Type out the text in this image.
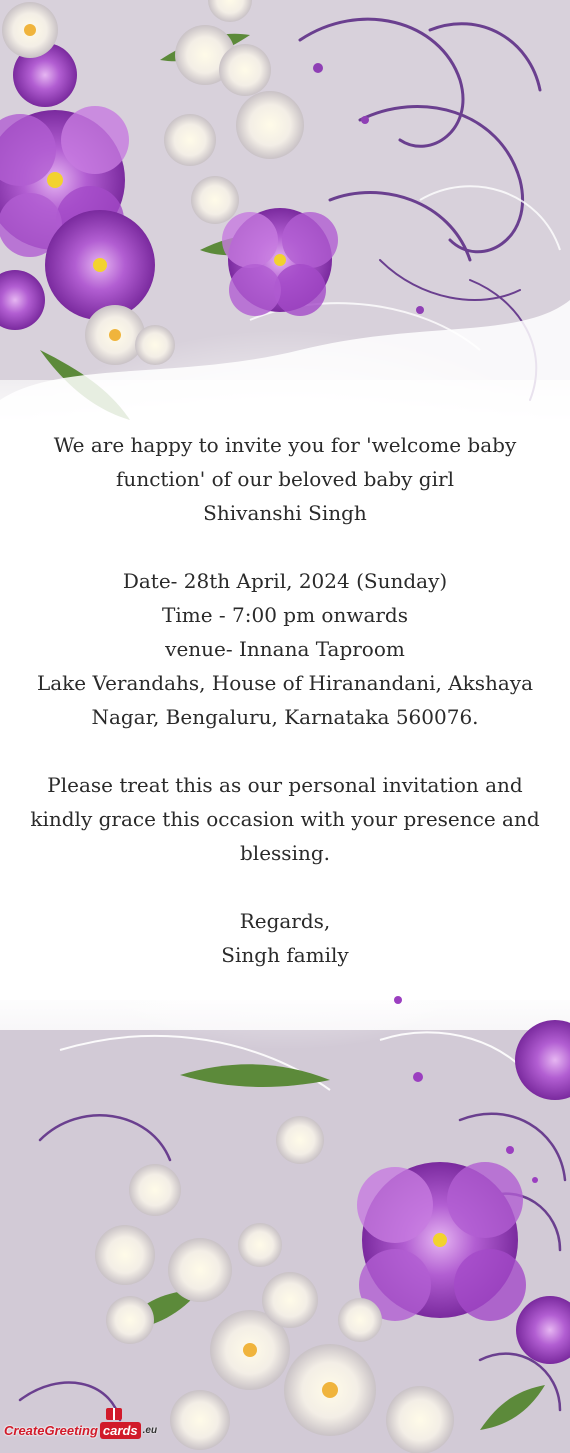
We are happy to invite you for 'welcome baby

function' of our beloved baby girl

Shivanshi Singh

Date- 28th April, 2024 (Sunday)

Time - 7:00 pm onwards

venue- Innana Taproom

Lake Verandahs, House of Hiranandani, Akshaya

Nagar, Bengaluru, Karnataka 560076.

Please treat this as our personal invitation and

kindly grace this occasion with your presence and

blessing.

Regards,

Singh family

CreateGreeting cards .eu
